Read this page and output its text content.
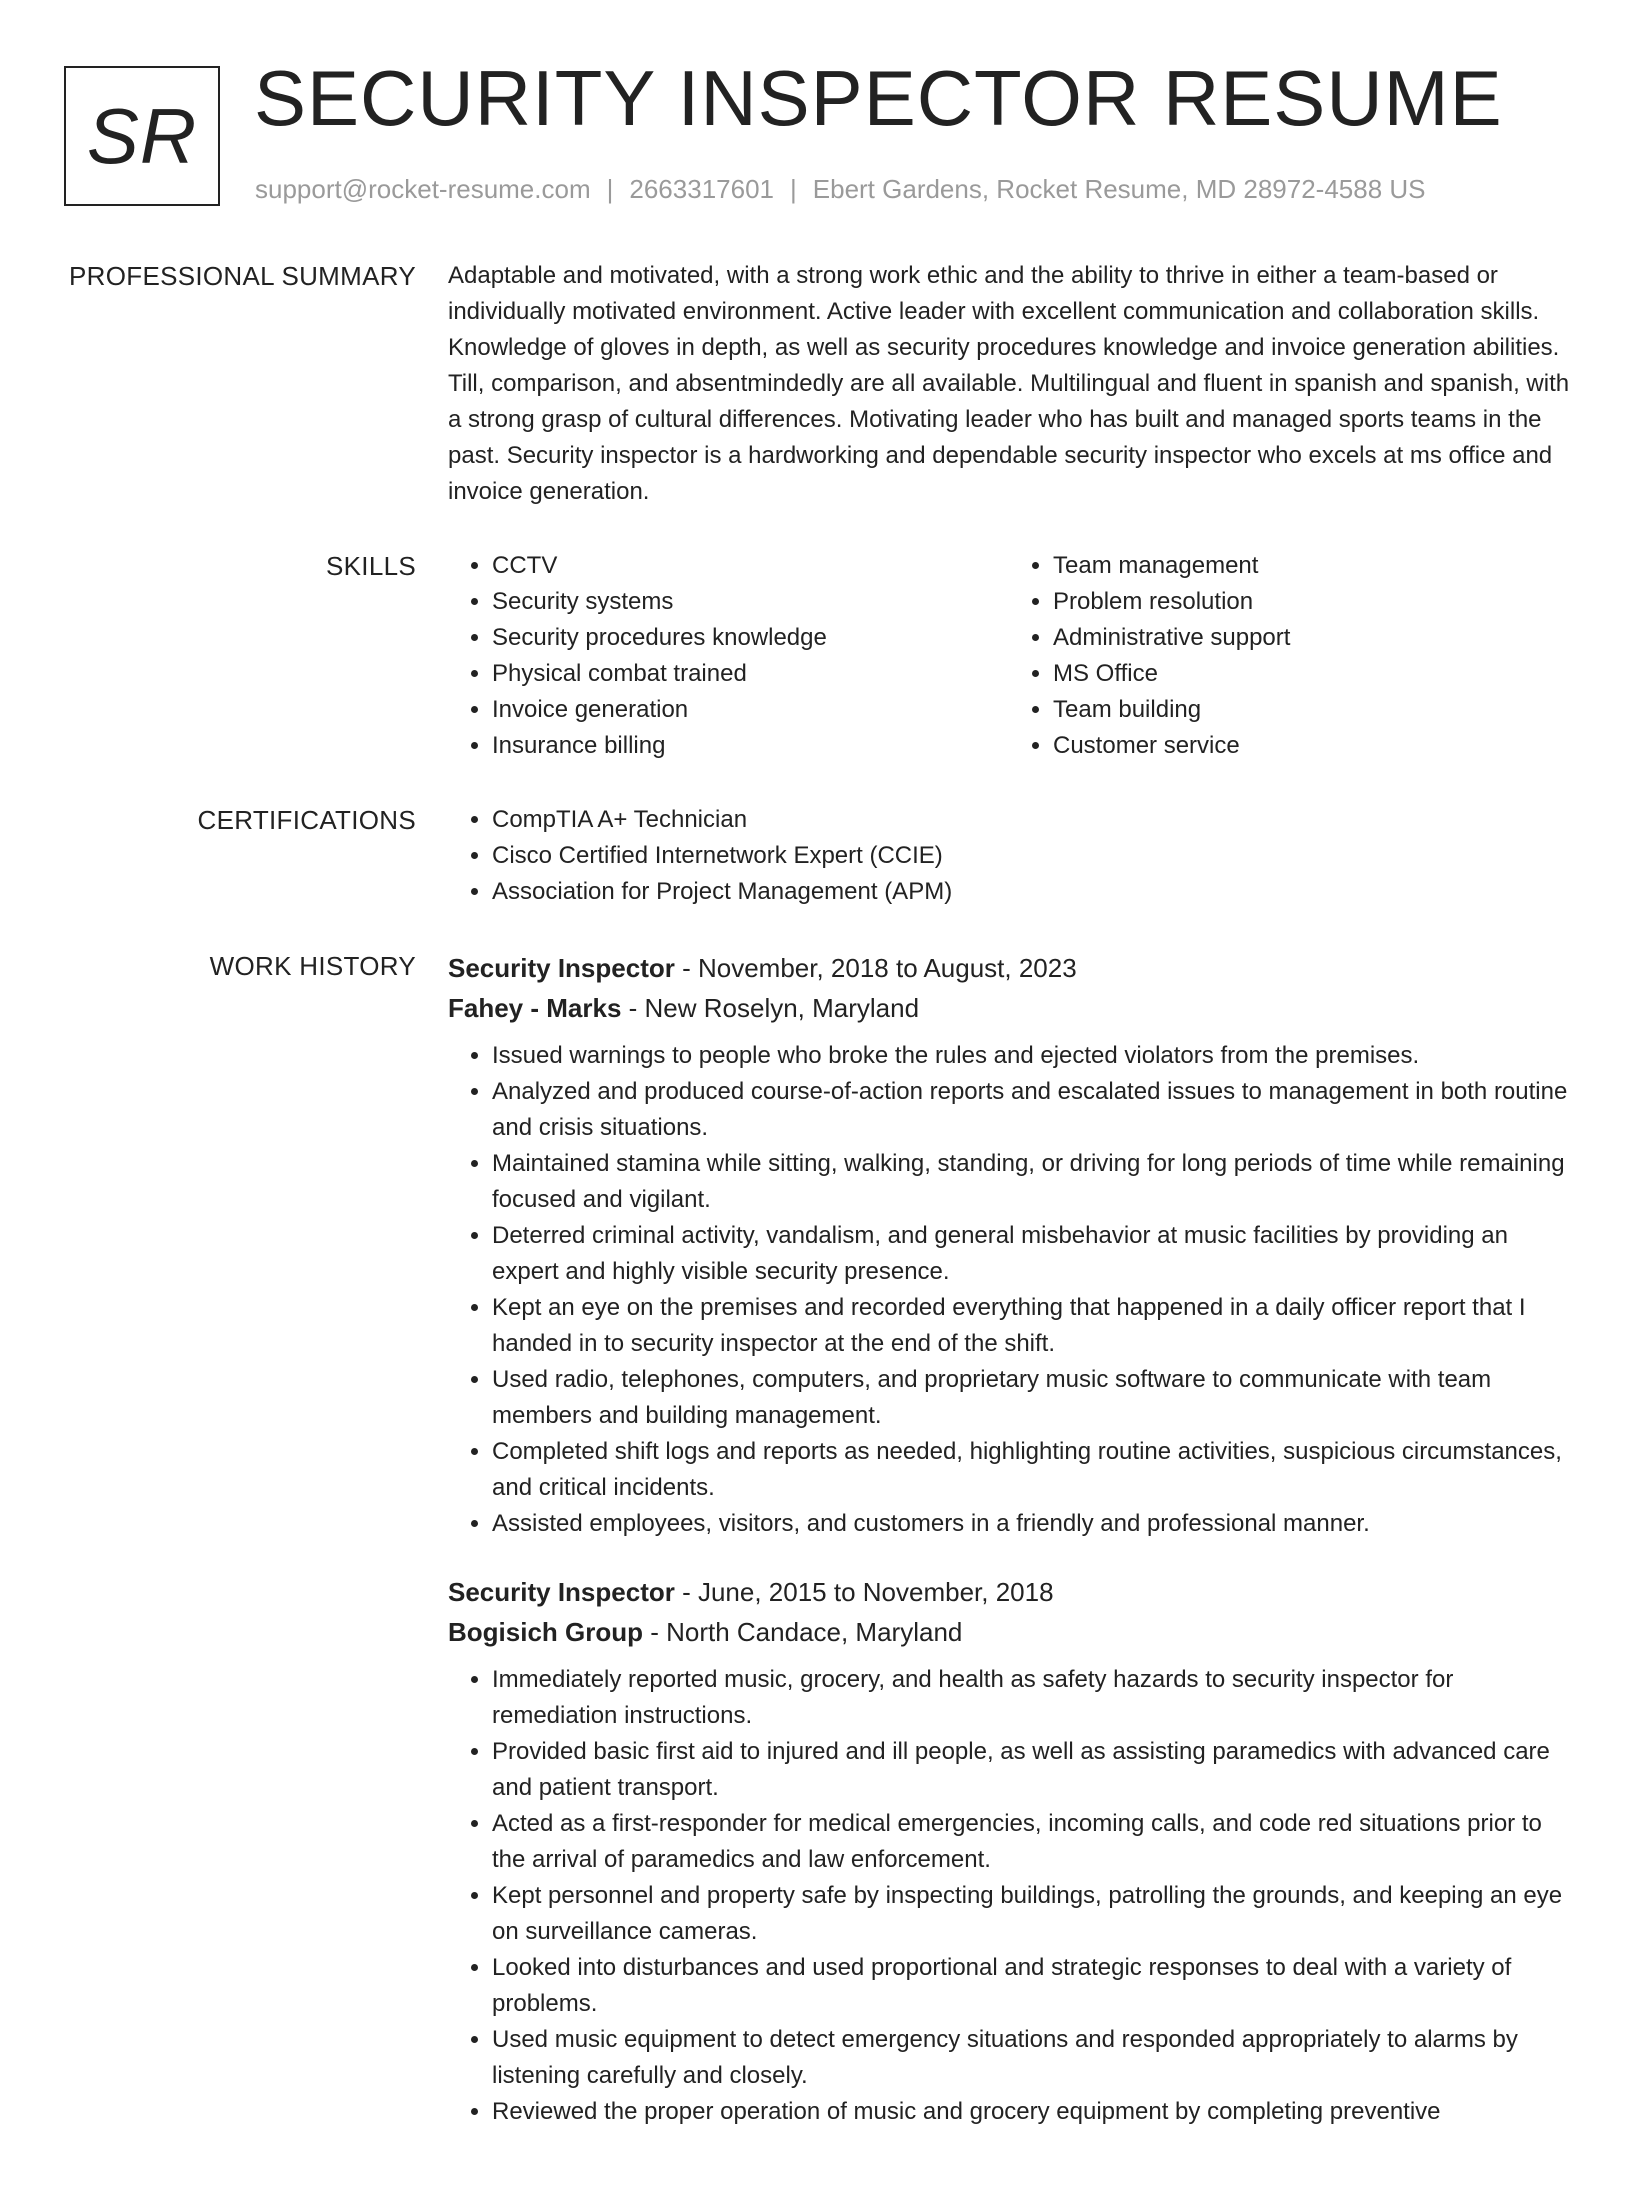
SR SECURITY INSPECTOR RESUME
support@rocket-resume.com | 2663317601 | Ebert Gardens, Rocket Resume, MD 28972-4588 US
PROFESSIONAL SUMMARY Adaptable and motivated, with a strong work ethic and the ability to thrive in either a team-based or individually motivated environment. Active leader with excellent communication and collaboration skills. Knowledge of gloves in depth, as well as security procedures knowledge and invoice generation abilities. Till, comparison, and absentmindedly are all available. Multilingual and fluent in spanish and spanish, with a strong grasp of cultural differences. Motivating leader who has built and managed sports teams in the past. Security inspector is a hardworking and dependable security inspector who excels at ms office and invoice generation.

SKILLS	• CCTV
• Security systems
• Security procedures knowledge
• Physical combat trained
• Invoice generation
• Insurance billing
• Team management
• Problem resolution
• Administrative support
• MS Office
• Team building
• Customer service
CERTIFICATIONS	• CompTIA A+ Technician
• Cisco Certified Internetwork Expert (CCIE)
• Association for Project Management (APM)
WORK HISTORY Security Inspector - November, 2018 to August, 2023
Fahey - Marks - New Roselyn, Maryland
• Issued warnings to people who broke the rules and ejected violators from the premises.
• Analyzed and produced course-of-action reports and escalated issues to management in both routine and crisis situations.
• Maintained stamina while sitting, walking, standing, or driving for long periods of time while remaining focused and vigilant.
• Deterred criminal activity, vandalism, and general misbehavior at music facilities by providing an expert and highly visible security presence.
• Kept an eye on the premises and recorded everything that happened in a daily officer report that I handed in to security inspector at the end of the shift.
• Used radio, telephones, computers, and proprietary music software to communicate with team members and building management.
• Completed shift logs and reports as needed, highlighting routine activities, suspicious circumstances, and critical incidents.
• Assisted employees, visitors, and customers in a friendly and professional manner.
Security Inspector - June, 2015 to November, 2018
Bogisich Group - North Candace, Maryland
• Immediately reported music, grocery, and health as safety hazards to security inspector for remediation instructions.
• Provided basic first aid to injured and ill people, as well as assisting paramedics with advanced care and patient transport.
• Acted as a first-responder for medical emergencies, incoming calls, and code red situations prior to the arrival of paramedics and law enforcement.
• Kept personnel and property safe by inspecting buildings, patrolling the grounds, and keeping an eye on surveillance cameras.
• Looked into disturbances and used proportional and strategic responses to deal with a variety of problems.
• Used music equipment to detect emergency situations and responded appropriately to alarms by listening carefully and closely.
• Reviewed the proper operation of music and grocery equipment by completing preventive
